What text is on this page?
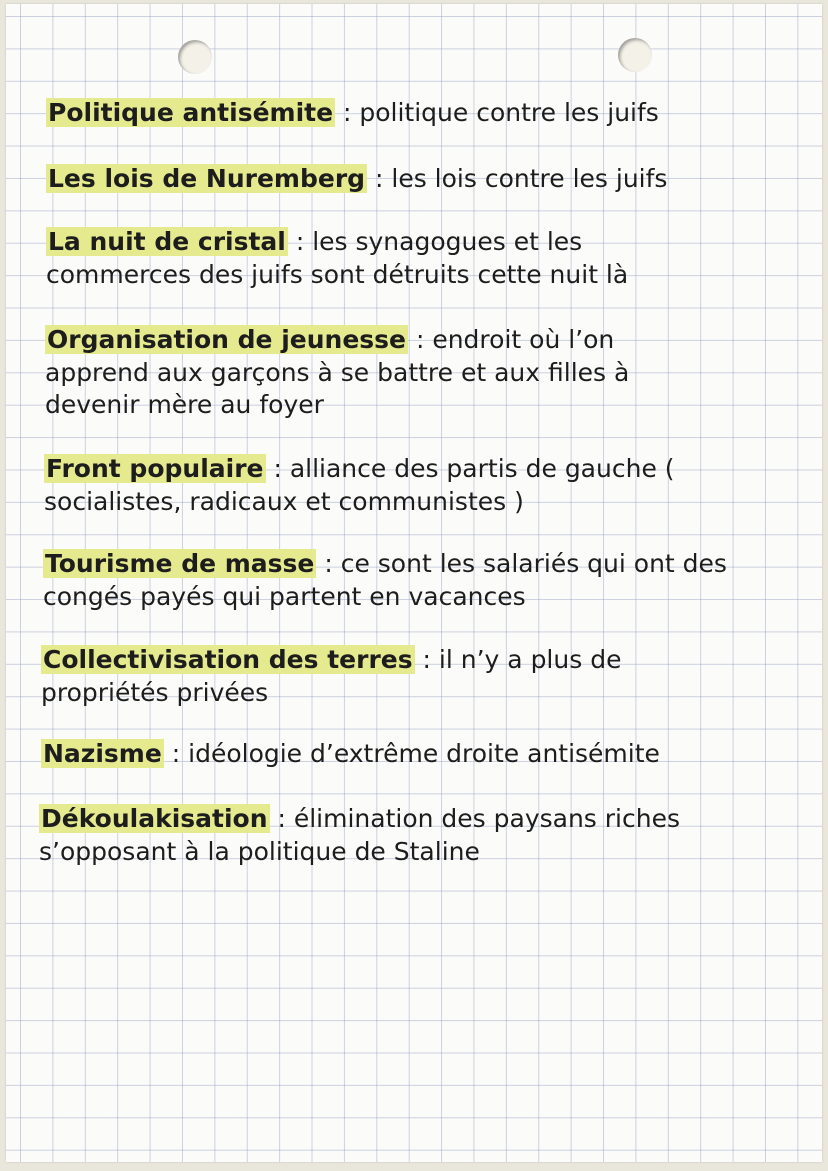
Politique antisémite : politique contre les juifs

Les lois de Nuremberg : les lois contre les juifs

La nuit de cristal : les synagogues et les commerces des juifs sont détruits cette nuit là

Organisation de jeunesse : endroit où l’on apprend aux garçons à se battre et aux filles à devenir mère au foyer

Front populaire : alliance des partis de gauche ( socialistes, radicaux et communistes )

Tourisme de masse : ce sont les salariés qui ont des congés payés qui partent en vacances

Collectivisation des terres : il n’y a plus de propriétés privées

Nazisme : idéologie d’extrême droite antisémite

Dékoulakisation : élimination des paysans riches s’opposant à la politique de Staline
